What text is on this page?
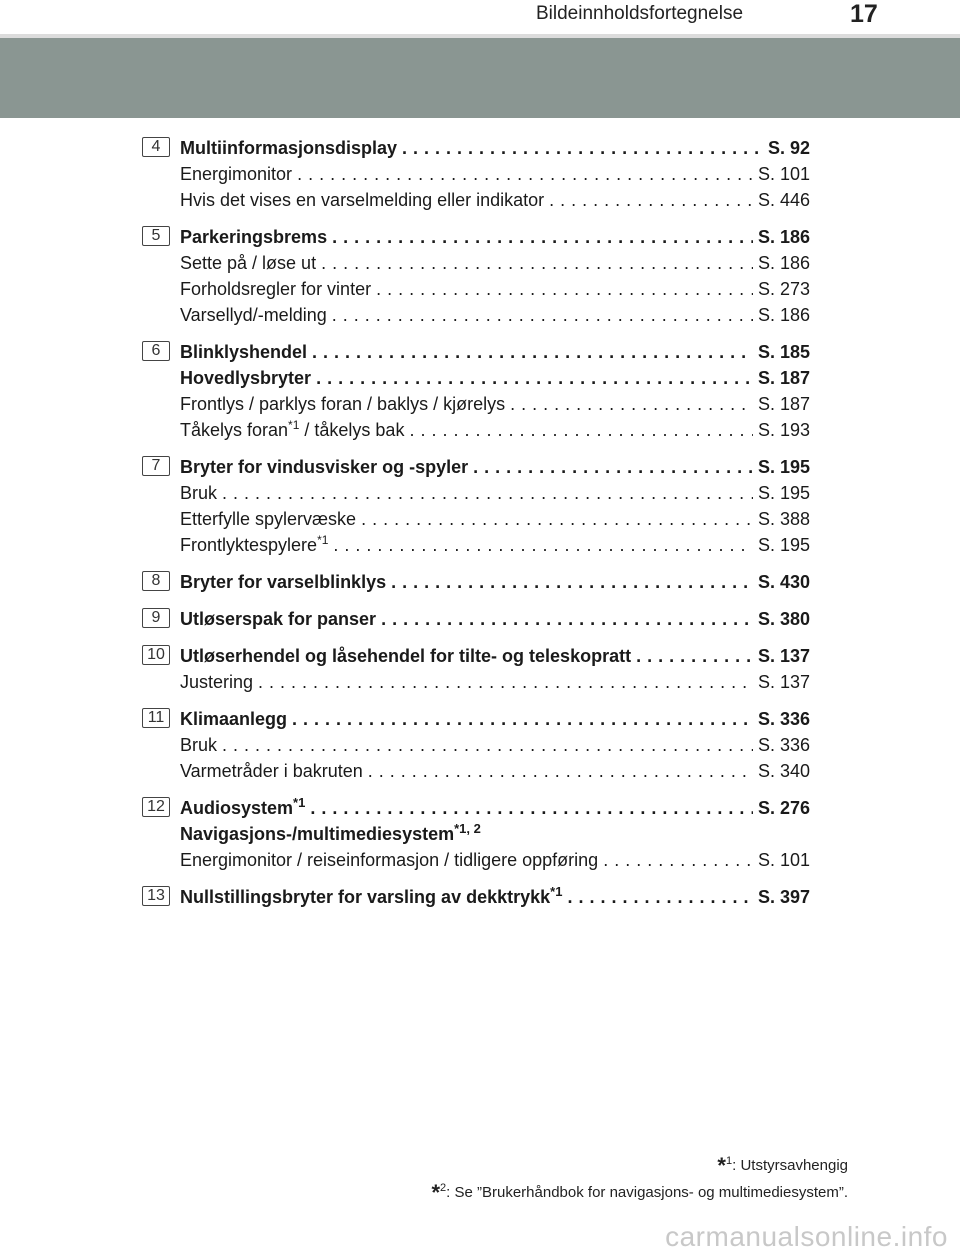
Bildeinnholdsfortegnelse	17
4	Multiinformasjonsdisplay . . .	S. 92
Energimonitor . . .	S. 101
Hvis det vises en varselmelding eller indikator . . .	S. 446
5	Parkeringsbrems . . .	S. 186
Sette på / løse ut . . .	S. 186
Forholdsregler for vinter . . .	S. 273
Varsellyd/-melding . . .	S. 186
6	Blinklyshendel . . .	S. 185
Hovedlysbryter . . .	S. 187
Frontlys / parklys foran / baklys / kjørelys . . .	S. 187
Tåkelys foran$^{*1}$ / tåkelys bak . . .	S. 193
7	Bryter for vindusvisker og -spyler . . .	S. 195
Bruk . . .	S. 195
Etterfylle spylervæske . . .	S. 388
Frontlyktespylere$^{*1}$ . . .	S. 195
8	Bryter for varselblinklys . . .	S. 430
9	Utløserspak for panser . . .	S. 380
10 Utløserhendel og låsehendel for tilte- og teleskopratt . . .	S. 137
Justering . . .	S. 137
11 Klimaanlegg . . .	S. 336
Bruk . . .	S. 336
Varmetråder i bakruten . . .	S. 340
12 Audiosystem$^{*1}$ . . .	S. 276
Navigasjons-/multimediesystem$^{*1, 2}$
Energimonitor / reiseinformasjon / tidligere oppføring . . .	S. 101
13 Nullstillingsbryter for varsling av dekktrykk$^{*1}$ . . .	S. 397
*$^1$: Utstyrsavhengig
*$^2$: Se ”Brukerhåndbok for navigasjons- og multimediesystem”.
carmanualsonline.info
